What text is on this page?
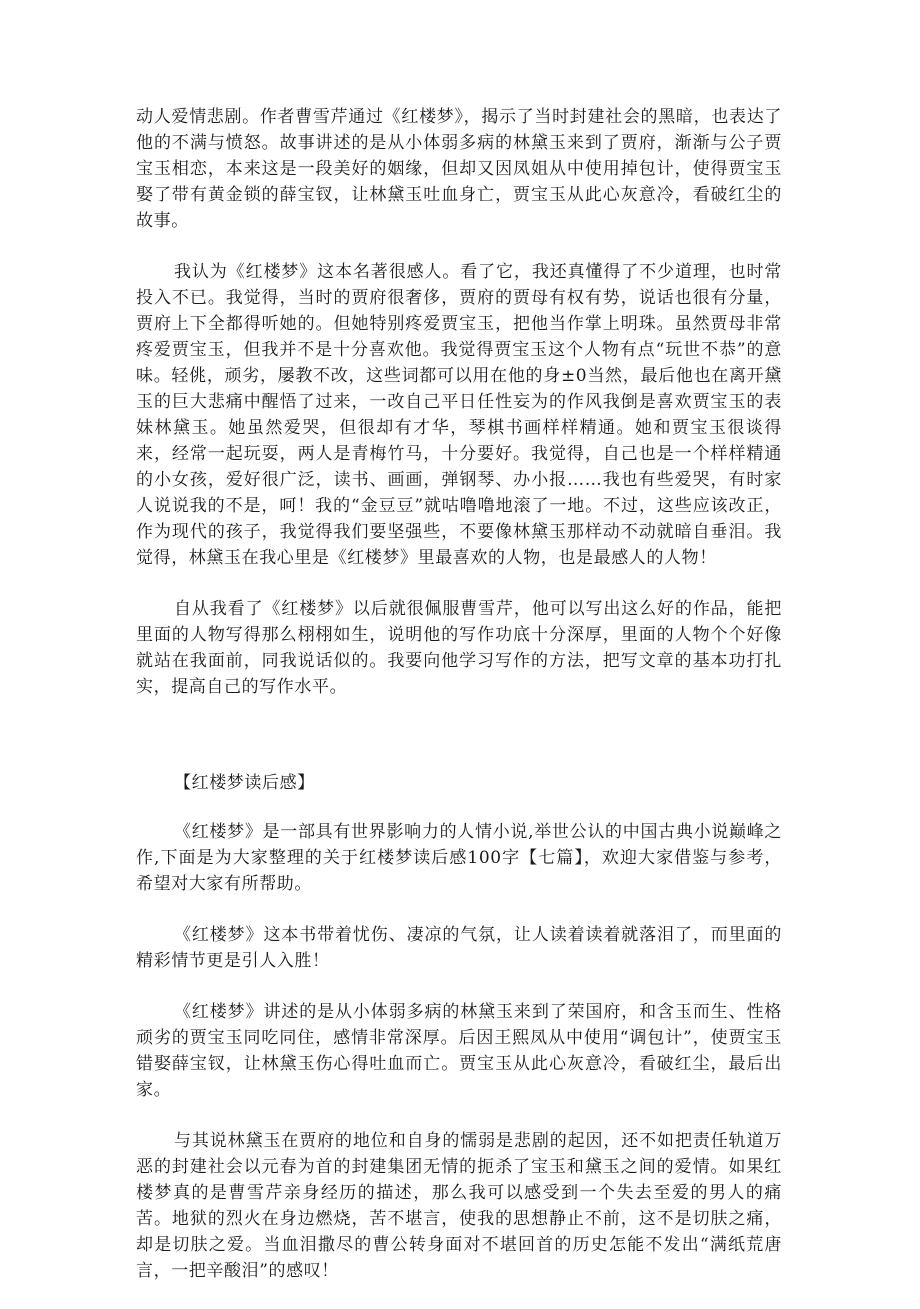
动人爱情悲剧。作者曹雪芹通过《红楼梦》，揭示了当时封建社会的黑暗，也表达了他的不满与愤怒。故事讲述的是从小体弱多病的林黛玉来到了贾府，渐渐与公子贾宝玉相恋，本来这是一段美好的姻缘，但却又因凤姐从中使用掉包计，使得贾宝玉娶了带有黄金锁的薛宝钗，让林黛玉吐血身亡，贾宝玉从此心灰意冷，看破红尘的故事。

我认为《红楼梦》这本名著很感人。看了它，我还真懂得了不少道理，也时常投入不已。我觉得，当时的贾府很奢侈，贾府的贾母有权有势，说话也很有分量，贾府上下全都得听她的。但她特别疼爱贾宝玉，把他当作掌上明珠。虽然贾母非常疼爱贾宝玉，但我并不是十分喜欢他。我觉得贾宝玉这个人物有点“玩世不恭”的意味。轻佻，顽劣，屡教不改，这些词都可以用在他的身±0当然，最后他也在离开黛玉的巨大悲痛中醒悟了过来，一改自己平日任性妄为的作风我倒是喜欢贾宝玉的表妹林黛玉。她虽然爱哭，但很却有才华，琴棋书画样样精通。她和贾宝玉很谈得来，经常一起玩耍，两人是青梅竹马，十分要好。我觉得，自己也是一个样样精通的小女孩，爱好很广泛，读书、画画，弹钢琴、办小报……我也有些爱哭，有时家人说说我的不是，呵！我的“金豆豆”就咕噜噜地滚了一地。不过，这些应该改正，作为现代的孩子，我觉得我们要坚强些，不要像林黛玉那样动不动就暗自垂泪。我觉得，林黛玉在我心里是《红楼梦》里最喜欢的人物，也是最感人的人物！

自从我看了《红楼梦》以后就很佩服曹雪芹，他可以写出这么好的作品，能把里面的人物写得那么栩栩如生，说明他的写作功底十分深厚，里面的人物个个好像就站在我面前，同我说话似的。我要向他学习写作的方法，把写文章的基本功打扎实，提高自己的写作水平。

【红楼梦读后感】

《红楼梦》是一部具有世界影响力的人情小说,举世公认的中国古典小说巅峰之作,下面是为大家整理的关于红楼梦读后感100字【七篇】，欢迎大家借鉴与参考，希望对大家有所帮助。

《红楼梦》这本书带着忧伤、凄凉的气氛，让人读着读着就落泪了，而里面的精彩情节更是引人入胜！

《红楼梦》讲述的是从小体弱多病的林黛玉来到了荣国府，和含玉而生、性格顽劣的贾宝玉同吃同住，感情非常深厚。后因王熙凤从中使用“调包计”，使贾宝玉错娶薛宝钗，让林黛玉伤心得吐血而亡。贾宝玉从此心灰意冷，看破红尘，最后出家。

与其说林黛玉在贾府的地位和自身的懦弱是悲剧的起因，还不如把责任轨道万恶的封建社会以元春为首的封建集团无情的扼杀了宝玉和黛玉之间的爱情。如果红楼梦真的是曹雪芹亲身经历的描述，那么我可以感受到一个失去至爱的男人的痛苦。地狱的烈火在身边燃烧，苦不堪言，使我的思想静止不前，这不是切肤之痛，却是切肤之爱。当血泪撒尽的曹公转身面对不堪回首的历史怎能不发出“满纸荒唐言，一把辛酸泪”的感叹！
